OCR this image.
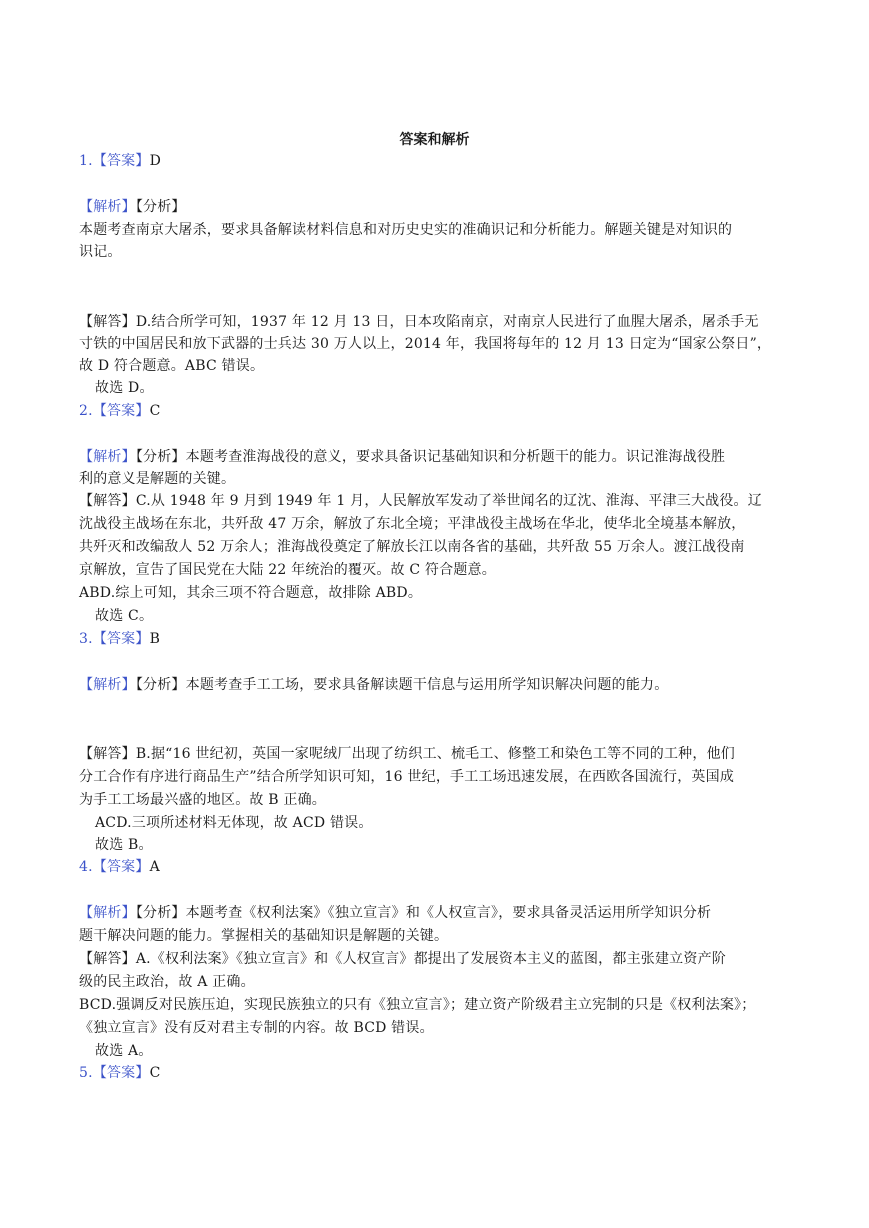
答案和解析
1.【答案】D
【解析】【分析】
本题考查南京大屠杀，要求具备解读材料信息和对历史史实的准确识记和分析能力。解题关键是对知识的
识记。
【解答】D.结合所学可知，1937 年 12 月 13 日，日本攻陷南京，对南京人民进行了血腥大屠杀，屠杀手无
寸铁的中国居民和放下武器的士兵达 30 万人以上，2014 年，我国将每年的 12 月 13 日定为“国家公祭日”，
故 D 符合题意。ABC 错误。
故选 D。
2.【答案】C
【解析】【分析】本题考查淮海战役的意义，要求具备识记基础知识和分析题干的能力。识记淮海战役胜
利的意义是解题的关键。
【解答】C.从 1948 年 9 月到 1949 年 1 月，人民解放军发动了举世闻名的辽沈、淮海、平津三大战役。辽
沈战役主战场在东北，共歼敌 47 万余，解放了东北全境；平津战役主战场在华北，使华北全境基本解放，
共歼灭和改编敌人 52 万余人；淮海战役奠定了解放长江以南各省的基础，共歼敌 55 万余人。渡江战役南
京解放，宣告了国民党在大陆 22 年统治的覆灭。故 C 符合题意。
ABD.综上可知，其余三项不符合题意，故排除 ABD。
故选 C。
3.【答案】B
【解析】【分析】本题考查手工工场，要求具备解读题干信息与运用所学知识解决问题的能力。
【解答】B.据“16 世纪初，英国一家呢绒厂出现了纺织工、梳毛工、修整工和染色工等不同的工种，他们
分工合作有序进行商品生产”结合所学知识可知，16 世纪，手工工场迅速发展，在西欧各国流行，英国成
为手工工场最兴盛的地区。故 B 正确。
ACD.三项所述材料无体现，故 ACD 错误。
故选 B。
4.【答案】A
【解析】【分析】本题考查《权利法案》《独立宣言》和《人权宣言》，要求具备灵活运用所学知识分析
题干解决问题的能力。掌握相关的基础知识是解题的关键。
【解答】A.《权利法案》《独立宣言》和《人权宣言》都提出了发展资本主义的蓝图，都主张建立资产阶
级的民主政治，故 A 正确。
BCD.强调反对民族压迫，实现民族独立的只有《独立宣言》；建立资产阶级君主立宪制的只是《权利法案》；
《独立宣言》没有反对君主专制的内容。故 BCD 错误。
故选 A。
5.【答案】C
